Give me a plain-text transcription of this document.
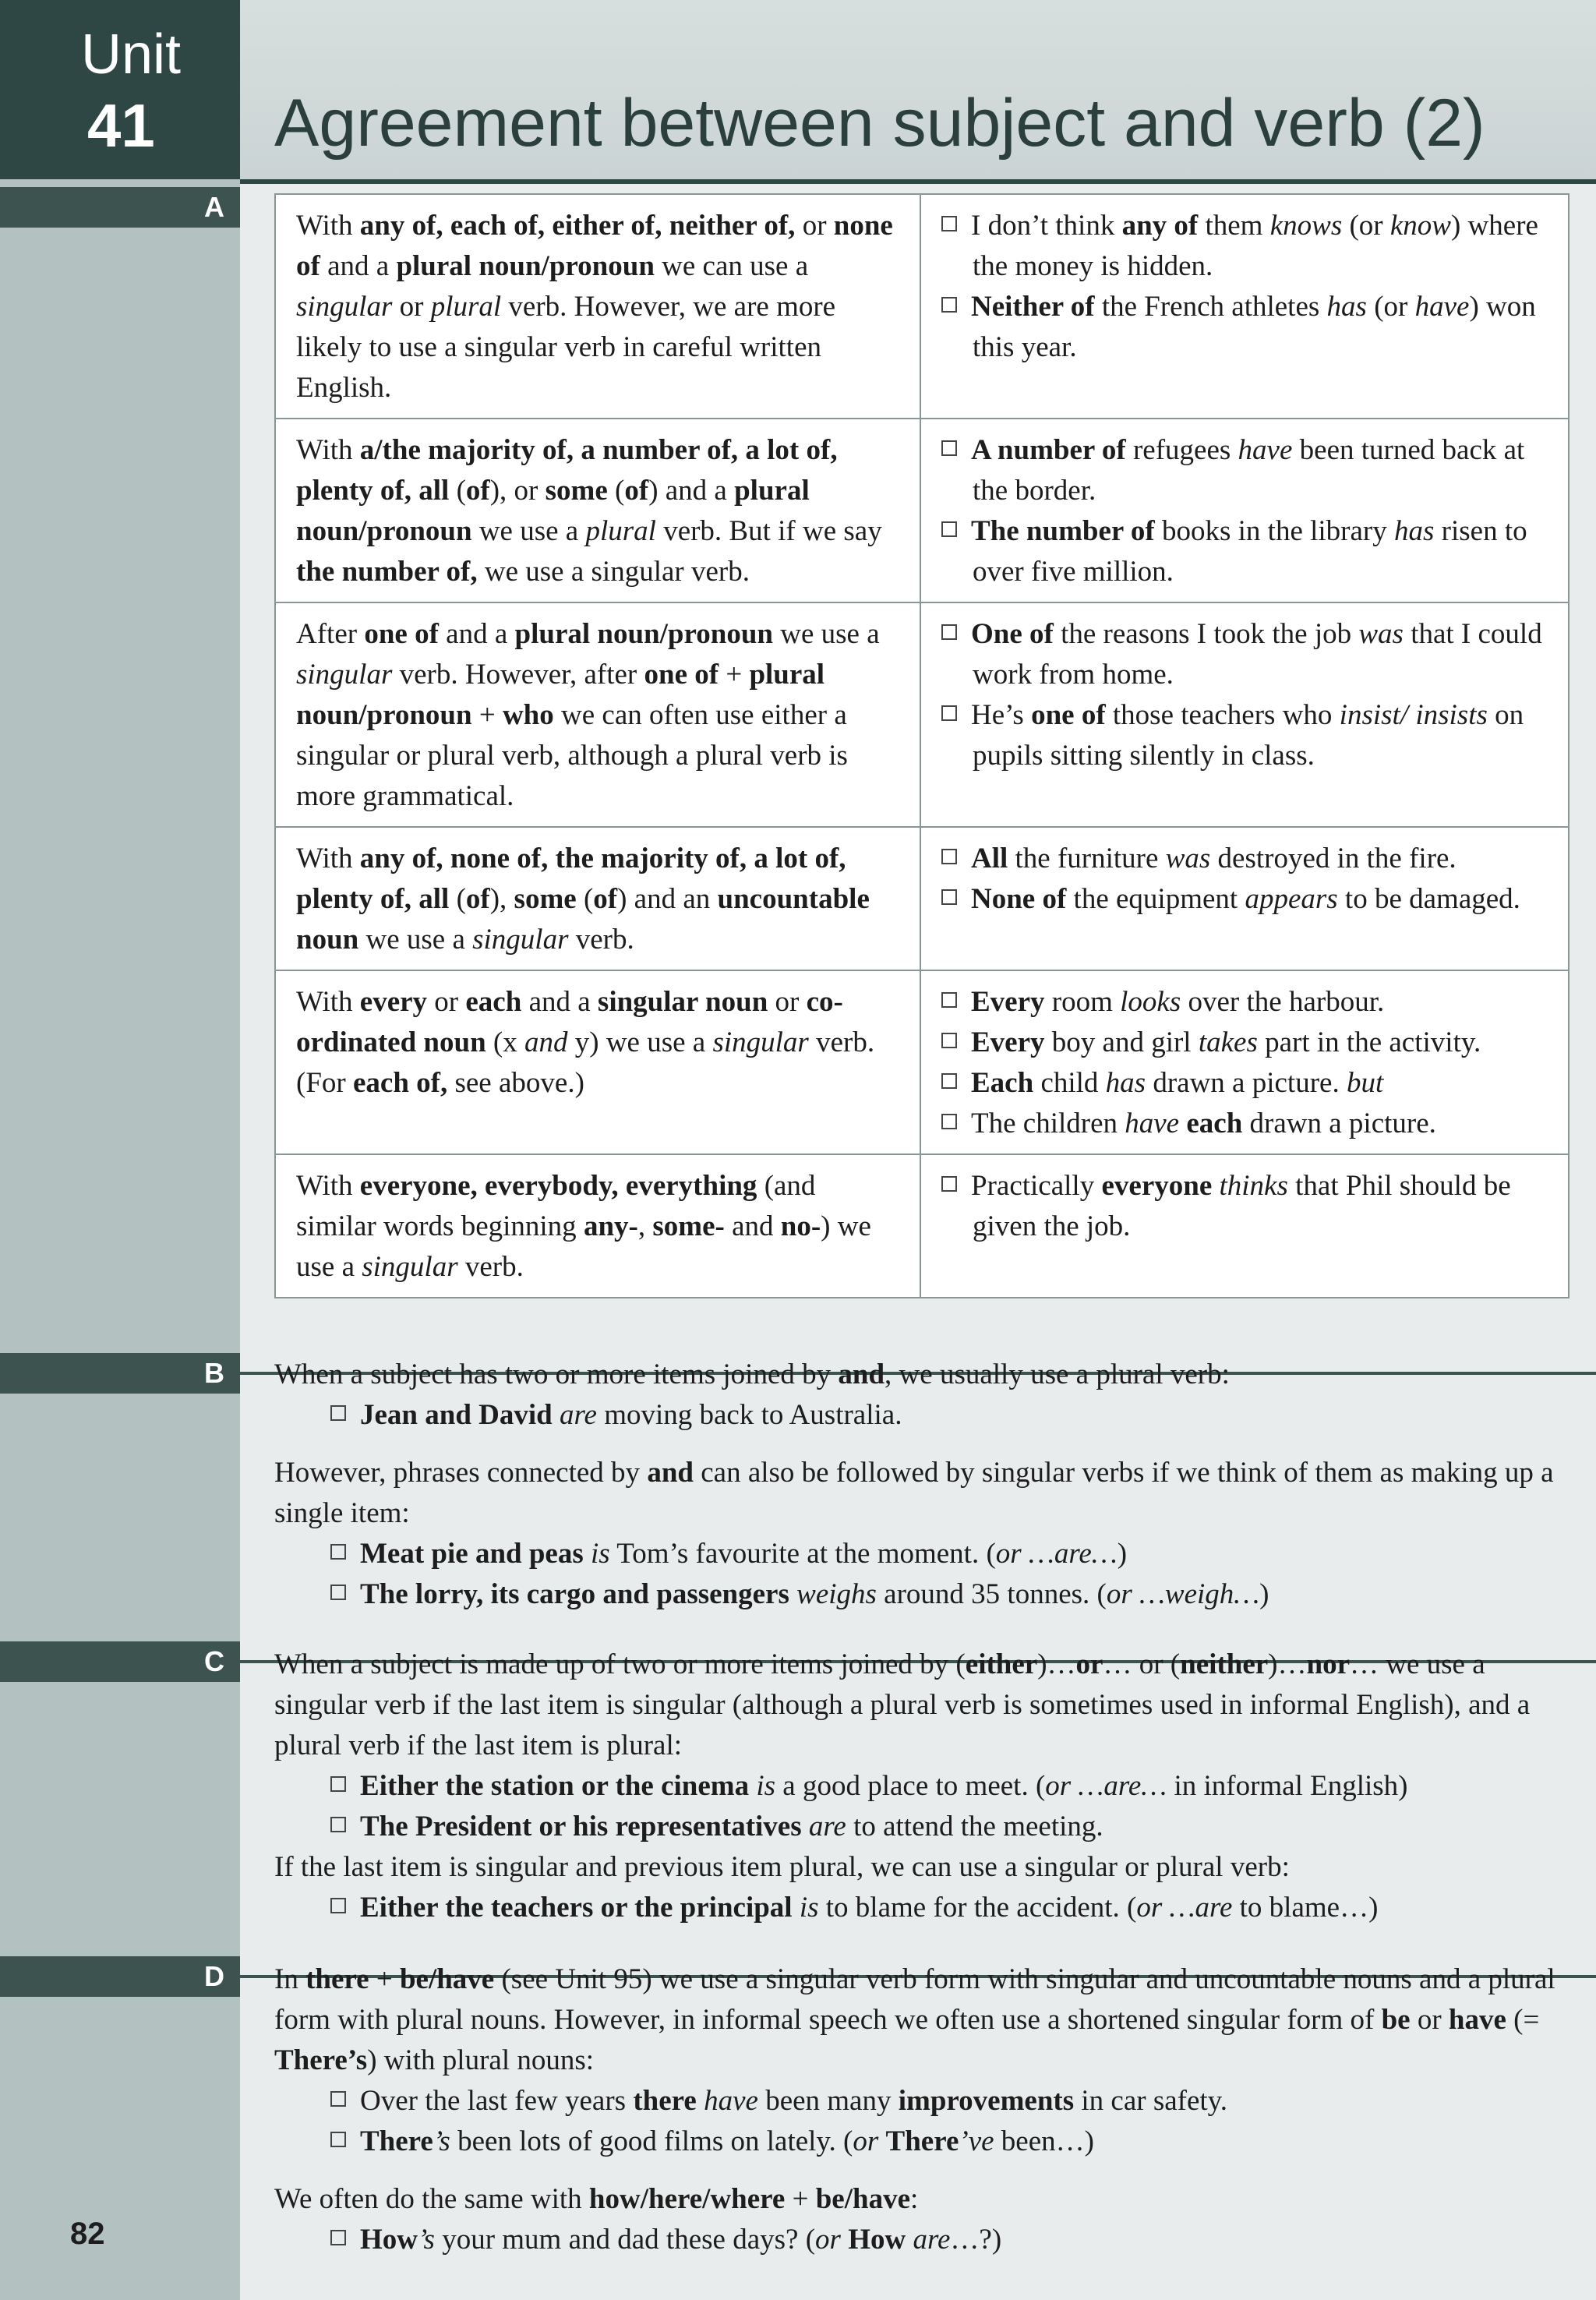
Unit
41 Agreement between subject and verb (2)
A
With any of, each of, either of, neither of, or none of and a plural noun/pronoun we can use a singular or plural verb. However, we are more likely to use a singular verb in careful written English.	I don’t think any of them knows (or know) where the money is hidden.
Neither of the French athletes has (or have) won this year.

With a/the majority of, a number of, a lot of, plenty of, all (of), or some (of) and a plural noun/pronoun we use a plural verb. But if we say the number of, we use a singular verb.	A number of refugees have been turned back at the border.
The number of books in the library has risen to over five million.

After one of and a plural noun/pronoun we use a singular verb. However, after one of + plural noun/pronoun + who we can often use either a singular or plural verb, although a plural verb is more grammatical.	One of the reasons I took the job was that I could work from home.
He’s one of those teachers who insist/ insists on pupils sitting silently in class.

With any of, none of, the majority of, a lot of, plenty of, all (of), some (of) and an uncountable noun we use a singular verb.	All the furniture was destroyed in the fire.
None of the equipment appears to be damaged.

With every or each and a singular noun or co-ordinated noun (x and y) we use a singular verb. (For each of, see above.)	Every room looks over the harbour.
Every boy and girl takes part in the activity.
Each child has drawn a picture. but
The children have each drawn a picture.

With everyone, everybody, everything (and similar words beginning any-, some- and no-) we use a singular verb.	Practically everyone thinks that Phil should be given the job.
B	When a subject has two or more items joined by and, we usually use a plural verb:

Jean and David are moving back to Australia.

However, phrases connected by and can also be followed by singular verbs if we think of them as making up a single item:

Meat pie and peas is Tom’s favourite at the moment. (or …are…)

The lorry, its cargo and passengers weighs around 35 tonnes. (or …weigh…)

C	When a subject is made up of two or more items joined by (either)…or… or (neither)…nor… we use a singular verb if the last item is singular (although a plural verb is sometimes used in informal English), and a plural verb if the last item is plural:

Either the station or the cinema is a good place to meet. (or …are… in informal English)

The President or his representatives are to attend the meeting.

If the last item is singular and previous item plural, we can use a singular or plural verb:

Either the teachers or the principal is to blame for the accident. (or …are to blame…)

D	In there + be/have (see Unit 95) we use a singular verb form with singular and uncountable nouns and a plural form with plural nouns. However, in informal speech we often use a shortened singular form of be or have (= There’s) with plural nouns:

Over the last few years there have been many improvements in car safety.

There’s been lots of good films on lately. (or There’ve been…)

We often do the same with how/here/where + be/have:

How’s your mum and dad these days? (or How are…?)

82
